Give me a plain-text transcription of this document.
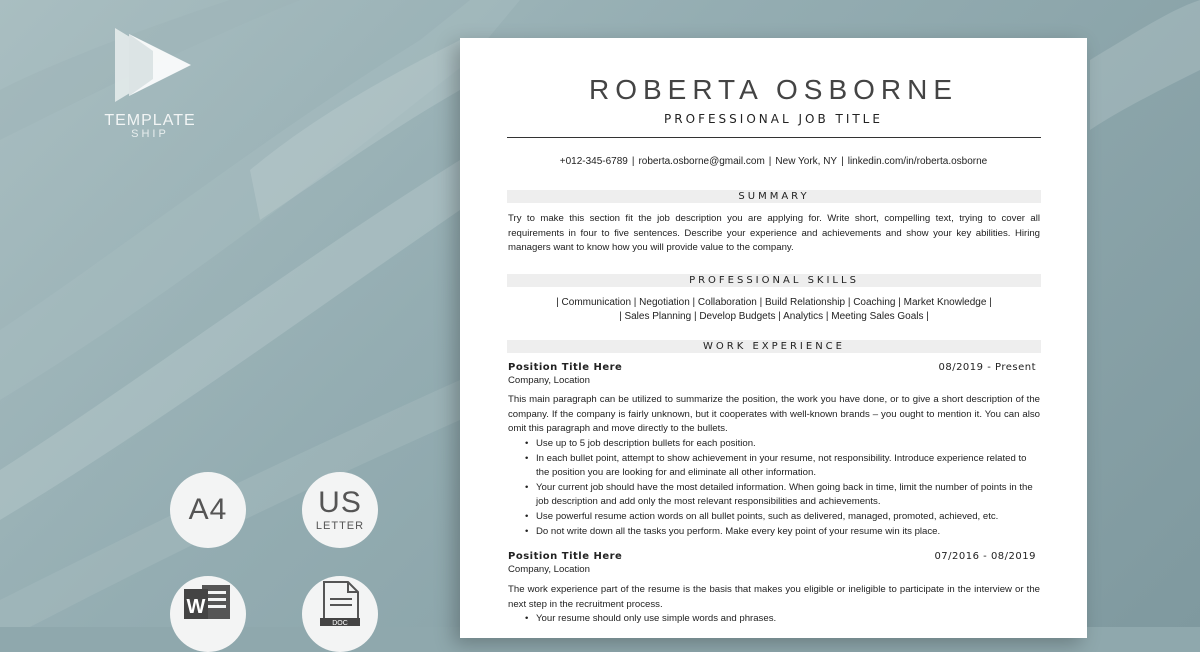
TEMPLATE
SHIP
A4	US
LETTER
W
DOC
ROBERTA OSBORNE
PROFESSIONAL JOB TITLE
+012-345-6789 | roberta.osborne@gmail.com | New York, NY | linkedin.com/in/roberta.osborne
SUMMARY
Try to make this section fit the job description you are applying for. Write short, compelling text, trying to cover all requirements in four to five sentences. Describe your experience and achievements and show your key abilities. Hiring managers want to know how you will provide value to the company.
PROFESSIONAL SKILLS
| Communication | Negotiation | Collaboration | Build Relationship | Coaching | Market Knowledge |
| Sales Planning | Develop Budgets | Analytics | Meeting Sales Goals |
WORK EXPERIENCE
Position Title Here	08/2019 - Present
Company, Location
This main paragraph can be utilized to summarize the position, the work you have done, or to give a short description of the company. If the company is fairly unknown, but it cooperates with well-known brands – you ought to mention it. You can also omit this paragraph and move directly to the bullets.
• Use up to 5 job description bullets for each position.
• In each bullet point, attempt to show achievement in your resume, not responsibility. Introduce experience related to the position you are looking for and eliminate all other information.
• Your current job should have the most detailed information. When going back in time, limit the number of points in the job description and add only the most relevant responsibilities and achievements.
• Use powerful resume action words on all bullet points, such as delivered, managed, promoted, achieved, etc.
• Do not write down all the tasks you perform. Make every key point of your resume win its place.
Position Title Here	07/2016 - 08/2019
Company, Location
The work experience part of the resume is the basis that makes you eligible or ineligible to participate in the interview or the next step in the recruitment process.
• Your resume should only use simple words and phrases.
